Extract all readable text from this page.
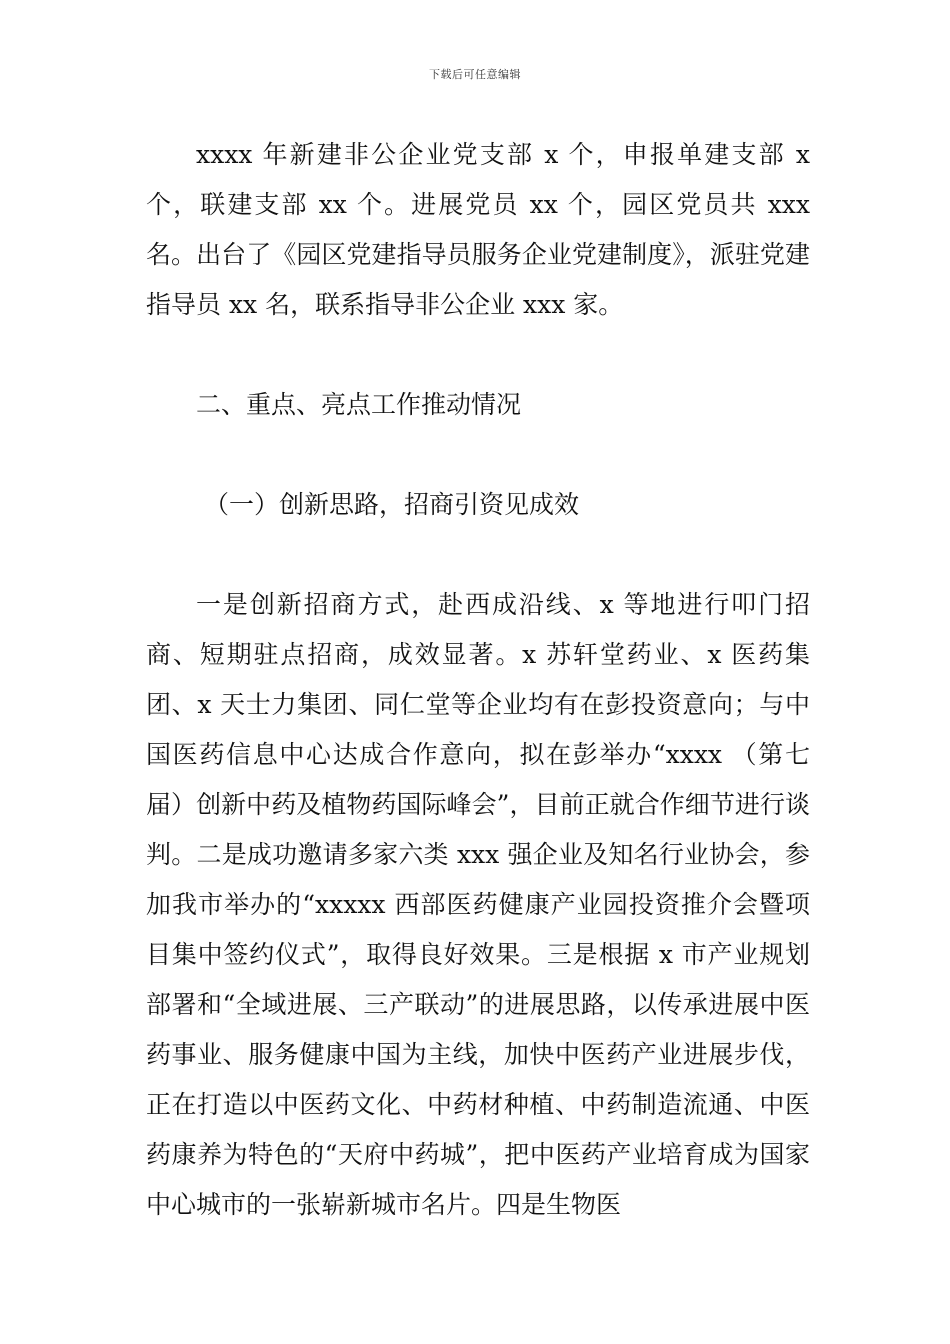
下载后可任意编辑

xxxx 年新建非公企业党支部 x 个，申报单建支部 x 个，联建支部 xx 个。进展党员 xx 个，园区党员共 xxx 名。出台了《园区党建指导员服务企业党建制度》，派驻党建指导员 xx 名，联系指导非公企业 xxx 家。

二、重点、亮点工作推动情况

（一）创新思路，招商引资见成效

一是创新招商方式，赴西成沿线、x 等地进行叩门招商、短期驻点招商，成效显著。x 苏轩堂药业、x 医药集团、x 天士力集团、同仁堂等企业均有在彭投资意向；与中国医药信息中心达成合作意向，拟在彭举办“xxxx （第七届）创新中药及植物药国际峰会”，目前正就合作细节进行谈判。二是成功邀请多家六类 xxx 强企业及知名行业协会，参加我市举办的“xxxxx 西部医药健康产业园投资推介会暨项目集中签约仪式”，取得良好效果。三是根据 x 市产业规划部署和“全域进展、三产联动”的进展思路，以传承进展中医药事业、服务健康中国为主线，加快中医药产业进展步伐，正在打造以中医药文化、中药材种植、中药制造流通、中医药康养为特色的“天府中药城”，把中医药产业培育成为国家中心城市的一张崭新城市名片。四是生物医
